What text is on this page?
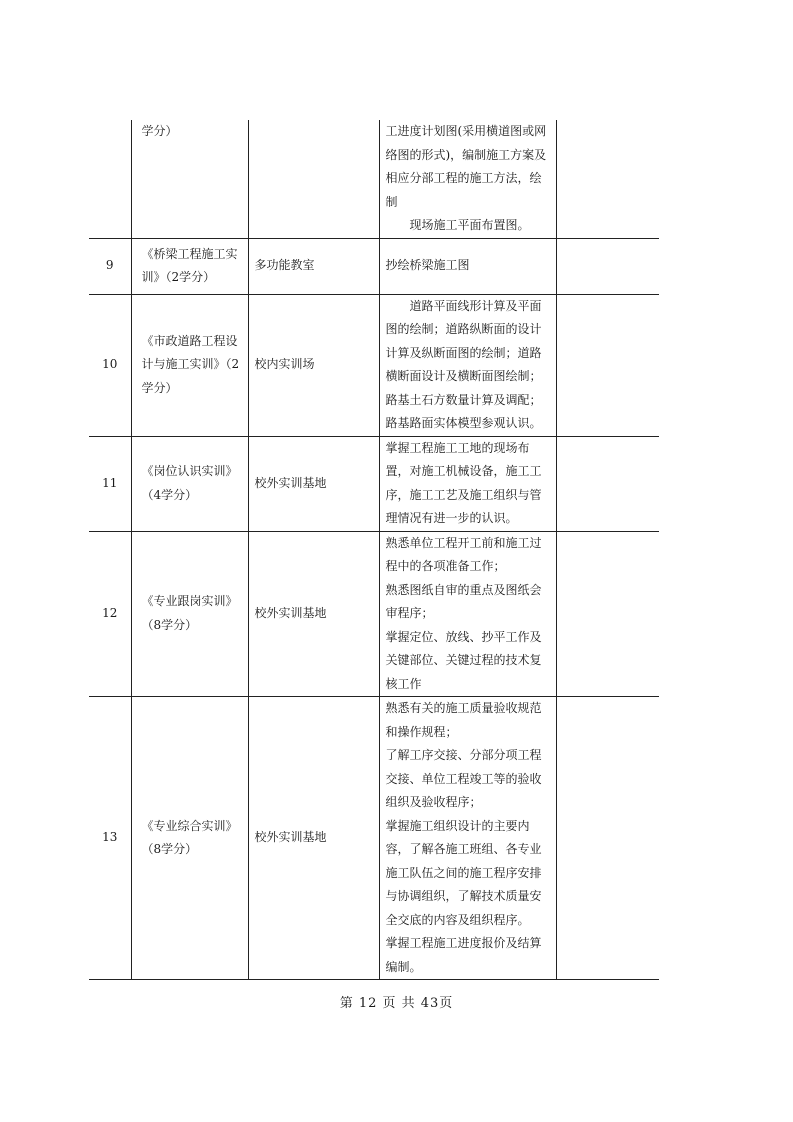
	学分）		工进度计划图(采用横道图或网络图的形式)，编制施工方案及相应分部工程的施工方法，绘制
现场施工平面布置图。	

9	《桥梁工程施工实训》（2学分）	多功能教室	抄绘桥梁施工图	

10	《市政道路工程设计与施工实训》（2学分）	校内实训场	道路平面线形计算及平面图的绘制；道路纵断面的设计计算及纵断面图的绘制；道路横断面设计及横断面图绘制；路基土石方数量计算及调配；路基路面实体模型参观认识。	

11	《岗位认识实训》（4学分）	校外实训基地	掌握工程施工工地的现场布置，对施工机械设备，施工工序，施工工艺及施工组织与管理情况有进一步的认识。	

12	《专业跟岗实训》（8学分）	校外实训基地	熟悉单位工程开工前和施工过程中的各项准备工作；
熟悉图纸自审的重点及图纸会审程序；
掌握定位、放线、抄平工作及关键部位、关键过程的技术复核工作	

13	《专业综合实训》（8学分）	校外实训基地	熟悉有关的施工质量验收规范和操作规程；
了解工序交接、分部分项工程交接、单位工程竣工等的验收组织及验收程序；
掌握施工组织设计的主要内容，了解各施工班组、各专业施工队伍之间的施工程序安排与协调组织，了解技术质量安全交底的内容及组织程序。
掌握工程施工进度报价及结算编制。	

第 12 页 共 43页
